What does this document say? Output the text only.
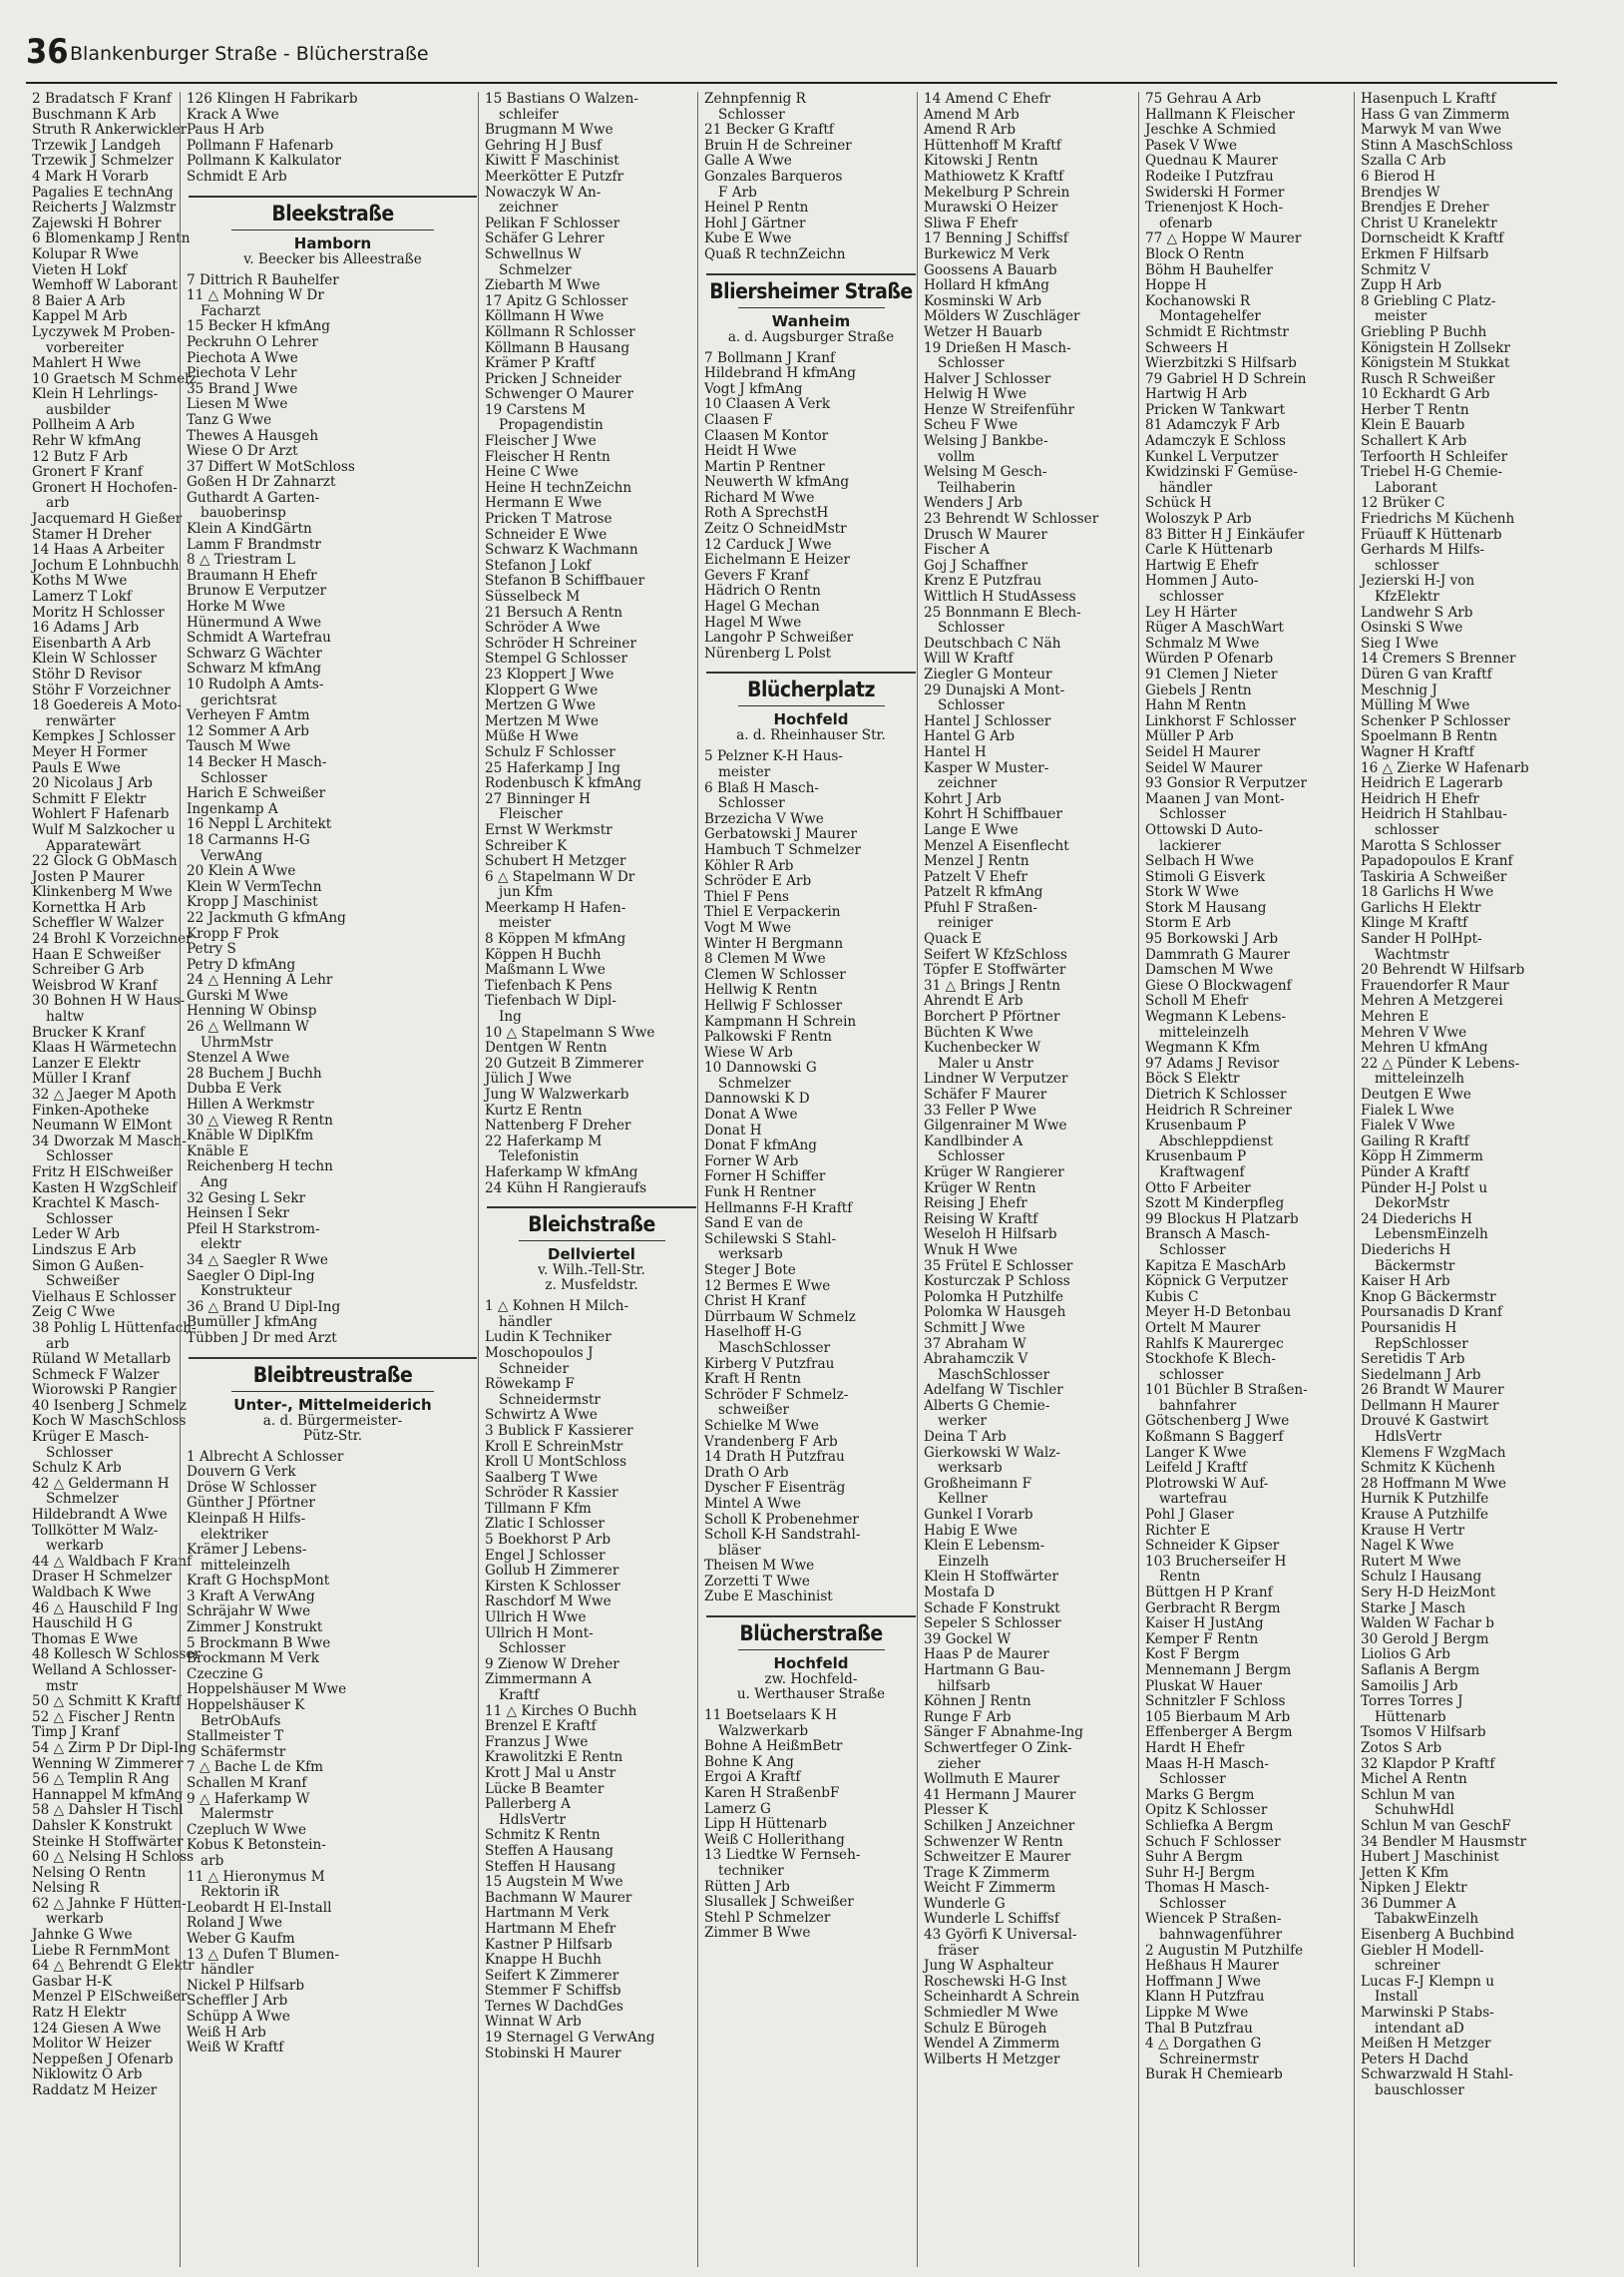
36 Blankenburger Straße - Blücherstraße
2 Bradatsch F Kranf
Buschmann K Arb
Struth R Ankerwickler
Trzewik J Landgeh
Trzewik J Schmelzer
4 Mark H Vorarb
Pagalies E technAng
Reicherts J Walzmstr
Zajewski H Bohrer
6 Blomenkamp J Rentn
Kolupar R Wwe
Vieten H Lokf
Wemhoff W Laborant
8 Baier A Arb
Kappel M Arb
Lyczywek M Proben-
vorbereiter
Mahlert H Wwe
10 Graetsch M Schmelz
Klein H Lehrlings-
ausbilder
Pollheim A Arb
Rehr W kfmAng
12 Butz F Arb
Gronert F Kranf
Gronert H Hochofen-
arb
Jacquemard H Gießer
Stamer H Dreher
14 Haas A Arbeiter
Jochum E Lohnbuchh
Koths M Wwe
Lamerz T Lokf
Moritz H Schlosser
16 Adams J Arb
Eisenbarth A Arb
Klein W Schlosser
Stöhr D Revisor
Stöhr F Vorzeichner
18 Goedereis A Moto-
renwärter
Kempkes J Schlosser
Meyer H Former
Pauls E Wwe
20 Nicolaus J Arb
Schmitt F Elektr
Wohlert F Hafenarb
Wulf M Salzkocher u
Apparatewärt
22 Glock G ObMasch
Josten P Maurer
Klinkenberg M Wwe
Kornettka H Arb
Scheffler W Walzer
24 Brohl K Vorzeichner
Haan E Schweißer
Schreiber G Arb
Weisbrod W Kranf
30 Bohnen H W Haus-
haltw
Brucker K Kranf
Klaas H Wärmetechn
Lanzer E Elektr
Müller I Kranf
32 △ Jaeger M Apoth
Finken-Apotheke
Neumann W ElMont
34 Dworzak M Masch-
Schlosser
Fritz H ElSchweißer
Kasten H WzgSchleif
Krachtel K Masch-
Schlosser
Leder W Arb
Lindszus E Arb
Simon G Außen-
Schweißer
Vielhaus E Schlosser
Zeig C Wwe
38 Pohlig L Hüttenfach-
arb
Rüland W Metallarb
Schmeck F Walzer
Wiorowski P Rangier
40 Isenberg J Schmelz
Koch W MaschSchloss
Krüger E Masch-
Schlosser
Schulz K Arb
42 △ Geldermann H
Schmelzer
Hildebrandt A Wwe
Tollkötter M Walz-
werkarb
44 △ Waldbach F Kranf
Draser H Schmelzer
Waldbach K Wwe
46 △ Hauschild F Ing
Hauschild H G
Thomas E Wwe
48 Kollesch W Schlosser
Welland A Schlosser-
mstr
50 △ Schmitt K Kraftf
52 △ Fischer J Rentn
Timp J Kranf
54 △ Zirm P Dr Dipl-Ing
Wenning W Zimmerer
56 △ Templin R Ang
Hannappel M kfmAng
58 △ Dahsler H Tischl
Dahsler K Konstrukt
Steinke H Stoffwärter
60 △ Nelsing H Schloss
Nelsing O Rentn
Nelsing R
62 △ Jahnke F Hütten-
werkarb
Jahnke G Wwe
Liebe R FernmMont
64 △ Behrendt G Elektr
Gasbar H-K
Menzel P ElSchweißer
Ratz H Elektr
124 Giesen A Wwe
Molitor W Heizer
Neppeßen J Ofenarb
Niklowitz O Arb
Raddatz M Heizer
126 Klingen H Fabrikarb
Krack A Wwe
Paus H Arb
Pollmann F Hafenarb
Pollmann K Kalkulator
Schmidt E Arb
Bleekstraße
Hamborn
v. Beecker bis Alleestraße
7 Dittrich R Bauhelfer
11 △ Mohning W Dr
Facharzt
15 Becker H kfmAng
Peckruhn O Lehrer
Piechota A Wwe
Piechota V Lehr
35 Brand J Wwe
Liesen M Wwe
Tanz G Wwe
Thewes A Hausgeh
Wiese O Dr Arzt
37 Differt W MotSchloss
Goßen H Dr Zahnarzt
Guthardt A Garten-
bauoberinsp
Klein A KindGärtn
Lamm F Brandmstr
8 △ Triestram L
Braumann H Ehefr
Brunow E Verputzer
Horke M Wwe
Hünermund A Wwe
Schmidt A Wartefrau
Schwarz G Wächter
Schwarz M kfmAng
10 Rudolph A Amts-
gerichtsrat
Verheyen F Amtm
12 Sommer A Arb
Tausch M Wwe
14 Becker H Masch-
Schlosser
Harich E Schweißer
Ingenkamp A
16 Neppl L Architekt
18 Carmanns H-G
VerwAng
20 Klein A Wwe
Klein W VermTechn
Kropp J Maschinist
22 Jackmuth G kfmAng
Kropp F Prok
Petry S
Petry D kfmAng
24 △ Henning A Lehr
Gurski M Wwe
Henning W Obinsp
26 △ Wellmann W
UhrmMstr
Stenzel A Wwe
28 Buchem J Buchh
Dubba E Verk
Hillen A Werkmstr
30 △ Vieweg R Rentn
Knäble W DiplKfm
Knäble E
Reichenberg H techn
Ang
32 Gesing L Sekr
Heinsen I Sekr
Pfeil H Starkstrom-
elektr
34 △ Saegler R Wwe
Saegler O Dipl-Ing
Konstrukteur
36 △ Brand U Dipl-Ing
Bumüller J kfmAng
Tübben J Dr med Arzt
Bleibtreustraße
Unter-, Mittelmeiderich
a. d. Bürgermeister-
Pütz-Str.
1 Albrecht A Schlosser
Douvern G Verk
Dröse W Schlosser
Günther J Pförtner
Kleinpaß H Hilfs-
elektriker
Krämer J Lebens-
mitteleinzelh
Kraft G HochspMont
3 Kraft A VerwAng
Schräjahr W Wwe
Zimmer J Konstrukt
5 Brockmann B Wwe
Brockmann M Verk
Czeczine G
Hoppelshäuser M Wwe
Hoppelshäuser K
BetrObAufs
Stallmeister T
Schäfermstr
7 △ Bache L de Kfm
Schallen M Kranf
9 △ Haferkamp W
Malermstr
Czepluch W Wwe
Kobus K Betonstein-
arb
11 △ Hieronymus M
Rektorin iR
Leobardt H El-Install
Roland J Wwe
Weber G Kaufm
13 △ Dufen T Blumen-
händler
Nickel P Hilfsarb
Scheffler J Arb
Schüpp A Wwe
Weiß H Arb
Weiß W Kraftf
15 Bastians O Walzen-
schleifer
Brugmann M Wwe
Gehring H J Busf
Kiwitt F Maschinist
Meerkötter E Putzfr
Nowaczyk W An-
zeichner
Pelikan F Schlosser
Schäfer G Lehrer
Schwellnus W
Schmelzer
Ziebarth M Wwe
17 Apitz G Schlosser
Köllmann H Wwe
Köllmann R Schlosser
Köllmann B Hausang
Krämer P Kraftf
Pricken J Schneider
Schwenger O Maurer
19 Carstens M
Propagendistin
Fleischer J Wwe
Fleischer H Rentn
Heine C Wwe
Heine H technZeichn
Hermann E Wwe
Pricken T Matrose
Schneider E Wwe
Schwarz K Wachmann
Stefanon J Lokf
Stefanon B Schiffbauer
Süsselbeck M
21 Bersuch A Rentn
Schröder A Wwe
Schröder H Schreiner
Stempel G Schlosser
23 Kloppert J Wwe
Kloppert G Wwe
Mertzen G Wwe
Mertzen M Wwe
Müße H Wwe
Schulz F Schlosser
25 Haferkamp J Ing
Rodenbusch K kfmAng
27 Binninger H
Fleischer
Ernst W Werkmstr
Schreiber K
Schubert H Metzger
6 △ Stapelmann W Dr
jun Kfm
Meerkamp H Hafen-
meister
8 Köppen M kfmAng
Köppen H Buchh
Maßmann L Wwe
Tiefenbach K Pens
Tiefenbach W Dipl-
Ing
10 △ Stapelmann S Wwe
Dentgen W Rentn
20 Gutzeit B Zimmerer
Jülich J Wwe
Jung W Walzwerkarb
Kurtz E Rentn
Nattenberg F Dreher
22 Haferkamp M
Telefonistin
Haferkamp W kfmAng
24 Kühn H Rangieraufs
Bleichstraße
Dellviertel
v. Wilh.-Tell-Str.
z. Musfeldstr.
1 △ Kohnen H Milch-
händler
Ludin K Techniker
Moschopoulos J
Schneider
Röwekamp F
Schneidermstr
Schwirtz A Wwe
3 Bublick F Kassierer
Kroll E SchreinMstr
Kroll U MontSchloss
Saalberg T Wwe
Schröder R Kassier
Tillmann F Kfm
Zlatic I Schlosser
5 Boekhorst P Arb
Engel J Schlosser
Gollub H Zimmerer
Kirsten K Schlosser
Raschdorf M Wwe
Ullrich H Wwe
Ullrich H Mont-
Schlosser
9 Zienow W Dreher
Zimmermann A
Kraftf
11 △ Kirches O Buchh
Brenzel E Kraftf
Franzus J Wwe
Krawolitzki E Rentn
Krott J Mal u Anstr
Lücke B Beamter
Pallerberg A
HdlsVertr
Schmitz K Rentn
Steffen A Hausang
Steffen H Hausang
15 Augstein M Wwe
Bachmann W Maurer
Hartmann M Verk
Hartmann M Ehefr
Kastner P Hilfsarb
Knappe H Buchh
Seifert K Zimmerer
Stemmer F Schiffsb
Ternes W DachdGes
Winnat W Arb
19 Sternagel G VerwAng
Stobinski H Maurer
Zehnpfennig R
Schlosser
21 Becker G Kraftf
Bruin H de Schreiner
Galle A Wwe
Gonzales Barqueros
F Arb
Heinel P Rentn
Hohl J Gärtner
Kube E Wwe
Quaß R technZeichn
Bliersheimer Straße
Wanheim
a. d. Augsburger Straße
7 Bollmann J Kranf
Hildebrand H kfmAng
Vogt J kfmAng
10 Claasen A Verk
Claasen F
Claasen M Kontor
Heidt H Wwe
Martin P Rentner
Neuwerth W kfmAng
Richard M Wwe
Roth A SprechstH
Zeitz O SchneidMstr
12 Carduck J Wwe
Eichelmann E Heizer
Gevers F Kranf
Hädrich O Rentn
Hagel G Mechan
Hagel M Wwe
Langohr P Schweißer
Nürenberg L Polst
Blücherplatz
Hochfeld
a. d. Rheinhauser Str.
5 Pelzner K-H Haus-
meister
6 Blaß H Masch-
Schlosser
Brzezicha V Wwe
Gerbatowski J Maurer
Hambuch T Schmelzer
Köhler R Arb
Schröder E Arb
Thiel F Pens
Thiel E Verpackerin
Vogt M Wwe
Winter H Bergmann
8 Clemen M Wwe
Clemen W Schlosser
Hellwig K Rentn
Hellwig F Schlosser
Kampmann H Schrein
Palkowski F Rentn
Wiese W Arb
10 Dannowski G
Schmelzer
Dannowski K D
Donat A Wwe
Donat H
Donat F kfmAng
Forner W Arb
Forner H Schiffer
Funk H Rentner
Hellmanns F-H Kraftf
Sand E van de
Schilewski S Stahl-
werksarb
Steger J Bote
12 Bermes E Wwe
Christ H Kranf
Dürrbaum W Schmelz
Haselhoff H-G
MaschSchlosser
Kirberg V Putzfrau
Kraft H Rentn
Schröder F Schmelz-
schweißer
Schielke M Wwe
Vrandenberg F Arb
14 Drath H Putzfrau
Drath O Arb
Dyscher F Eisenträg
Mintel A Wwe
Scholl K Probenehmer
Scholl K-H Sandstrahl-
bläser
Theisen M Wwe
Zorzetti T Wwe
Zube E Maschinist
Blücherstraße
Hochfeld
zw. Hochfeld-
u. Werthauser Straße
11 Boetselaars K H
Walzwerkarb
Bohne A HeißmBetr
Bohne K Ang
Ergoi A Kraftf
Karen H StraßenbF
Lamerz G
Lipp H Hüttenarb
Weiß C Hollerithang
13 Liedtke W Fernseh-
techniker
Rütten J Arb
Slusallek J Schweißer
Stehl P Schmelzer
Zimmer B Wwe
14 Amend C Ehefr
Amend M Arb
Amend R Arb
Hüttenhoff M Kraftf
Kitowski J Rentn
Mathiowetz K Kraftf
Mekelburg P Schrein
Murawski O Heizer
Sliwa F Ehefr
17 Benning J Schiffsf
Burkewicz M Verk
Goossens A Bauarb
Hollard H kfmAng
Kosminski W Arb
Mölders W Zuschläger
Wetzer H Bauarb
19 Drießen H Masch-
Schlosser
Halver J Schlosser
Helwig H Wwe
Henze W Streifenführ
Scheu F Wwe
Welsing J Bankbe-
vollm
Welsing M Gesch-
Teilhaberin
Wenders J Arb
23 Behrendt W Schlosser
Drusch W Maurer
Fischer A
Goj J Schaffner
Krenz E Putzfrau
Wittlich H StudAssess
25 Bonnmann E Blech-
Schlosser
Deutschbach C Näh
Will W Kraftf
Ziegler G Monteur
29 Dunajski A Mont-
Schlosser
Hantel J Schlosser
Hantel G Arb
Hantel H
Kasper W Muster-
zeichner
Kohrt J Arb
Kohrt H Schiffbauer
Lange E Wwe
Menzel A Eisenflecht
Menzel J Rentn
Patzelt V Ehefr
Patzelt R kfmAng
Pfuhl F Straßen-
reiniger
Quack E
Seifert W KfzSchloss
Töpfer E Stoffwärter
31 △ Brings J Rentn
Ahrendt E Arb
Borchert P Pförtner
Büchten K Wwe
Kuchenbecker W
Maler u Anstr
Lindner W Verputzer
Schäfer F Maurer
33 Feller P Wwe
Gilgenrainer M Wwe
Kandlbinder A
Schlosser
Krüger W Rangierer
Krüger W Rentn
Reising J Ehefr
Reising W Kraftf
Weseloh H Hilfsarb
Wnuk H Wwe
35 Frütel E Schlosser
Kosturczak P Schloss
Polomka H Putzhilfe
Polomka W Hausgeh
Schmitt J Wwe
37 Abraham W
Abrahamczik V
MaschSchlosser
Adelfang W Tischler
Alberts G Chemie-
werker
Deina T Arb
Gierkowski W Walz-
werksarb
Großheimann F
Kellner
Gunkel I Vorarb
Habig E Wwe
Klein E Lebensm-
Einzelh
Klein H Stoffwärter
Mostafa D
Schade F Konstrukt
Sepeler S Schlosser
39 Gockel W
Haas P de Maurer
Hartmann G Bau-
hilfsarb
Köhnen J Rentn
Runge F Arb
Sänger F Abnahme-Ing
Schwertfeger O Zink-
zieher
Wollmuth E Maurer
41 Hermann J Maurer
Plesser K
Schilken J Anzeichner
Schwenzer W Rentn
Schweitzer E Maurer
Trage K Zimmerm
Weicht F Zimmerm
Wunderle G
Wunderle L Schiffsf
43 Györfi K Universal-
fräser
Jung W Asphalteur
Roschewski H-G Inst
Scheinhardt A Schrein
Schmiedler M Wwe
Schulz E Bürogeh
Wendel A Zimmerm
Wilberts H Metzger
75 Gehrau A Arb
Hallmann K Fleischer
Jeschke A Schmied
Pasek V Wwe
Quednau K Maurer
Rodeike I Putzfrau
Swiderski H Former
Trienenjost K Hoch-
ofenarb
77 △ Hoppe W Maurer
Block O Rentn
Böhm H Bauhelfer
Hoppe H
Kochanowski R
Montagehelfer
Schmidt E Richtmstr
Schweers H
Wierzbitzki S Hilfsarb
79 Gabriel H D Schrein
Hartwig H Arb
Pricken W Tankwart
81 Adamczyk F Arb
Adamczyk E Schloss
Kunkel L Verputzer
Kwidzinski F Gemüse-
händler
Schück H
Woloszyk P Arb
83 Bitter H J Einkäufer
Carle K Hüttenarb
Hartwig E Ehefr
Hommen J Auto-
schlosser
Ley H Härter
Rüger A MaschWart
Schmalz M Wwe
Würden P Ofenarb
91 Clemen J Nieter
Giebels J Rentn
Hahn M Rentn
Linkhorst F Schlosser
Müller P Arb
Seidel H Maurer
Seidel W Maurer
93 Gonsior R Verputzer
Maanen J van Mont-
Schlosser
Ottowski D Auto-
lackierer
Selbach H Wwe
Stimoli G Eisverk
Stork W Wwe
Stork M Hausang
Storm E Arb
95 Borkowski J Arb
Dammrath G Maurer
Damschen M Wwe
Giese O Blockwagenf
Scholl M Ehefr
Wegmann K Lebens-
mitteleinzelh
Wegmann K Kfm
97 Adams J Revisor
Böck S Elektr
Dietrich K Schlosser
Heidrich R Schreiner
Krusenbaum P
Abschleppdienst
Krusenbaum P
Kraftwagenf
Otto F Arbeiter
Szott M Kinderpfleg
99 Blockus H Platzarb
Bransch A Masch-
Schlosser
Kapitza E MaschArb
Köpnick G Verputzer
Kubis C
Meyer H-D Betonbau
Ortelt M Maurer
Rahlfs K Maurergeс
Stockhofe K Blech-
schlosser
101 Büchler B Straßen-
bahnfahrer
Götschenberg J Wwe
Koßmann S Baggerf
Langer K Wwe
Leifeld J Kraftf
Plotrowski W Auf-
wartefrau
Pohl J Glaser
Richter E
Schneider K Gipser
103 Brucherseifer H
Rentn
Büttgen H P Kranf
Gerbracht R Bergm
Kaiser H JustAng
Kemper F Rentn
Kost F Bergm
Mennemann J Bergm
Pluskat W Hauer
Schnitzler F Schloss
105 Bierbaum M Arb
Effenberger A Bergm
Hardt H Ehefr
Maas H-H Masch-
Schlosser
Marks G Bergm
Opitz K Schlosser
Schliefka A Bergm
Schuch F Schlosser
Suhr A Bergm
Suhr H-J Bergm
Thomas H Masch-
Schlosser
Wiencek P Straßen-
bahnwagenführer
2 Augustin M Putzhilfe
Heßhaus H Maurer
Hoffmann J Wwe
Klann H Putzfrau
Lippke M Wwe
Thal B Putzfrau
4 △ Dorgathen G
Schreinermstr
Burak H Chemiearb
Hasenpuch L Kraftf
Hass G van Zimmerm
Marwyk M van Wwe
Stinn A MaschSchloss
Szalla C Arb
6 Bierod H
Brendjes W
Brendjes E Dreher
Christ U Kranelektr
Dornscheidt K Kraftf
Erkmen F Hilfsarb
Schmitz V
Zupp H Arb
8 Griebling C Platz-
meister
Griebling P Buchh
Königstein H Zollsekr
Königstein M Stukkat
Rusch R Schweißer
10 Eckhardt G Arb
Herber T Rentn
Klein E Bauarb
Schallert K Arb
Terfoorth H Schleifer
Triebel H-G Chemie-
Laborant
12 Brüker C
Friedrichs M Küchenh
Früauff K Hüttenarb
Gerhards M Hilfs-
schlosser
Jezierski H-J von
KfzElektr
Landwehr S Arb
Osinski S Wwe
Sieg I Wwe
14 Cremers S Brenner
Düren G van Kraftf
Meschnig J
Mülling M Wwe
Schenker P Schlosser
Spoelmann B Rentn
Wagner H Kraftf
16 △ Zierke W Hafenarb
Heidrich E Lagerarb
Heidrich H Ehefr
Heidrich H Stahlbau-
schlosser
Marotta S Schlosser
Papadopoulos E Kranf
Taskiria A Schweißer
18 Garlichs H Wwe
Garlichs H Elektr
Klinge M Kraftf
Sander H PolHpt-
Wachtmstr
20 Behrendt W Hilfsarb
Frauendorfer R Maur
Mehren A Metzgerei
Mehren E
Mehren V Wwe
Mehren U kfmAng
22 △ Pünder K Lebens-
mitteleinzelh
Deutgen E Wwe
Fialek L Wwe
Fialek V Wwe
Gailing R Kraftf
Köpp H Zimmerm
Pünder A Kraftf
Pünder H-J Polst u
DekorMstr
24 Diederichs H
LebensmEinzelh
Diederichs H
Bäckermstr
Kaiser H Arb
Knop G Bäckermstr
Poursanadis D Kranf
Poursanidis H
RepSchlosser
Seretidis T Arb
Siedelmann J Arb
26 Brandt W Maurer
Dellmann H Maurer
Drouvé K Gastwirt
HdlsVertr
Klemens F WzgMach
Schmitz K Küchenh
28 Hoffmann M Wwe
Hurnik K Putzhilfe
Krause A Putzhilfe
Krause H Vertr
Nagel K Wwe
Rutert M Wwe
Schulz I Hausang
Sery H-D HeizMont
Starke J Masch
Walden W Fachar b
30 Gerold J Bergm
Liolios G Arb
Saflanis A Bergm
Samoilis J Arb
Torres Torres J
Hüttenarb
Tsomos V Hilfsarb
Zotos S Arb
32 Klapdor P Kraftf
Michel A Rentn
Schlun M van
SchuhwHdl
Schlun M van GeschF
34 Bendler M Hausmstr
Hubert J Maschinist
Jetten K Kfm
Nipken J Elektr
36 Dummer A
TabakwEinzelh
Eisenberg A Buchbind
Giebler H Modell-
schreiner
Lucas F-J Klempn u
Install
Marwinski P Stabs-
intendant aD
Meißen H Metzger
Peters H Dachd
Schwarzwald H Stahl-
bauschlosser
